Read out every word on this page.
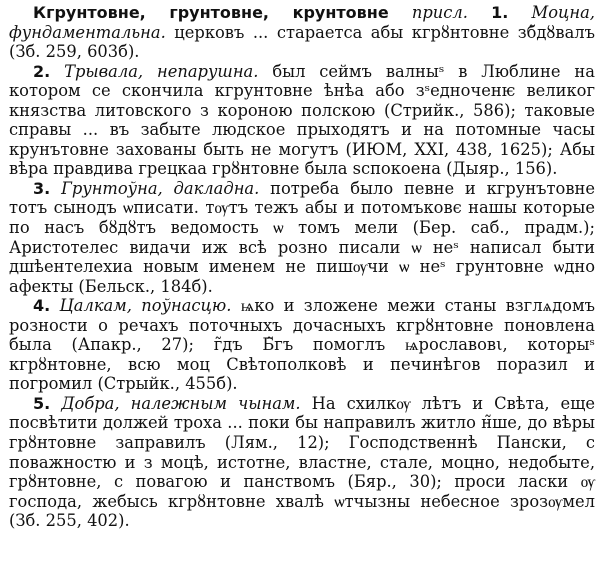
Кгрунтовне, грунтовне, крунтовне присл. 1. Моцна, фундаментальна. церковъ ... стараетса абы кгрȣнтовне зб̃дȣвалъ (Зб. 259, 603б).

2. Трывала, непарушна. был сеймъ валныˢ в Люблине на котором се скончила кгрунтовне ѣнѣа або зˢедноченѥ великог князства литовского з короною полскою (Стрийк., 586); таковые справы ... въ забыте людское прыходятъ и на потомные часы крунътовне захованы быть не могутъ (ИЮМ, XXI, 438, 1625); Абы вѣра правдива грецкаа грȣнтовне была ѕспокоена (Дыяр., 156).

3. Грунтоўна, дакладна. потреба было певне и кгрунътовне тотъ сынодъ ѡписати. тѹтъ тежъ абы и потомъковє нашы которые по насъ бȣдȣтъ ведомость ѡ томъ мели (Бер. саб., прадм.); Аристотелес видачи иж всѣ розно писали ѡ неˢ написал быти дшѣентелехиа новым именем не пишѹчи ѡ неˢ грунтовне ѡдно афекты (Бельск., 184б).

4. Цалкам, поўнасцю. ѩко и зложене межи станы взглѧдомъ розности о речахъ поточныхъ дочасныхъ кгрȣнтовне поновлена была (Апакр., 27); г̃дъ Б̃гъ помоглъ ѩрославовι, которыˢ кгрȣнтовне, всю моц Свѣтополковѣ и печинѣгов поразил и погромил (Стрыйк., 455б).

5. Добра, належным чынам. На схилкѹ лѣтъ и Свѣта, еще посвѣтити должей троха ... поки бы направилъ житло н̃ше, до вѣры грȣнтовне заправилъ (Лям., 12); Господственнѣ Пански, с поважностю и з моцѣ, истотне, властне, стале, моцно, недобыте, грȣнтовне, с повагою и панствомъ (Бяр., 30); проси ласки ѹ господа, жебысь кгрȣнтовне хвалѣ ѡтчызны небесное зрозѹмел (Зб. 255, 402).
